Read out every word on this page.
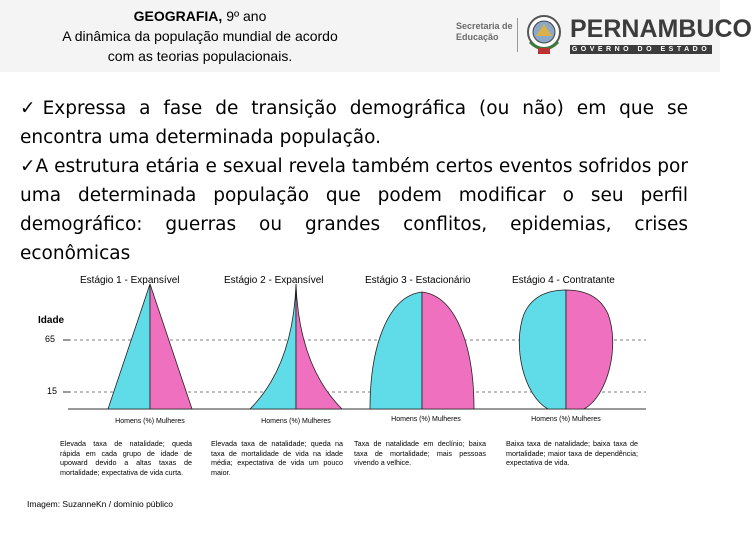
GEOGRAFIA, 9º ano
A dinâmica da população mundial de acordo
com as teorias populacionais.
Secretaria de
Educação	PERNAMBUCO
GOVERNO DO ESTADO

✓Expressa a fase de transição demográfica (ou não) em que se encontra uma determinada população.

✓A estrutura etária e sexual revela também certos eventos sofridos por uma determinada população que podem modificar o seu perfil demográfico: guerras ou grandes conflitos, epidemias, crises econômicas

Estágio 1 - Expansível	Estágio 2 - Expansível	Estágio 3 - Estacionário	Estágio 4 - Contratante
Idade
65
15
Homens (%) Mulheres	Homens (%) Mulheres	Homens (%) Mulheres	Homens (%) Mulheres
Elevada taxa de natalidade; queda rápida em cada grupo de idade de upoward devido a altas taxas de mortalidade; expectativa de vida curta.
Elevada taxa de natalidade; queda na taxa de mortalidade de vida na idade média; expectativa de vida um pouco maior.
Taxa de natalidade em declínio; baixa taxa de mortalidade; mais pessoas vivendo a velhice.
Baixa taxa de natalidade; baixa taxa de mortalidade; maior taxa de dependência; expectativa de vida.
Imagem: SuzanneKn / domínio público
